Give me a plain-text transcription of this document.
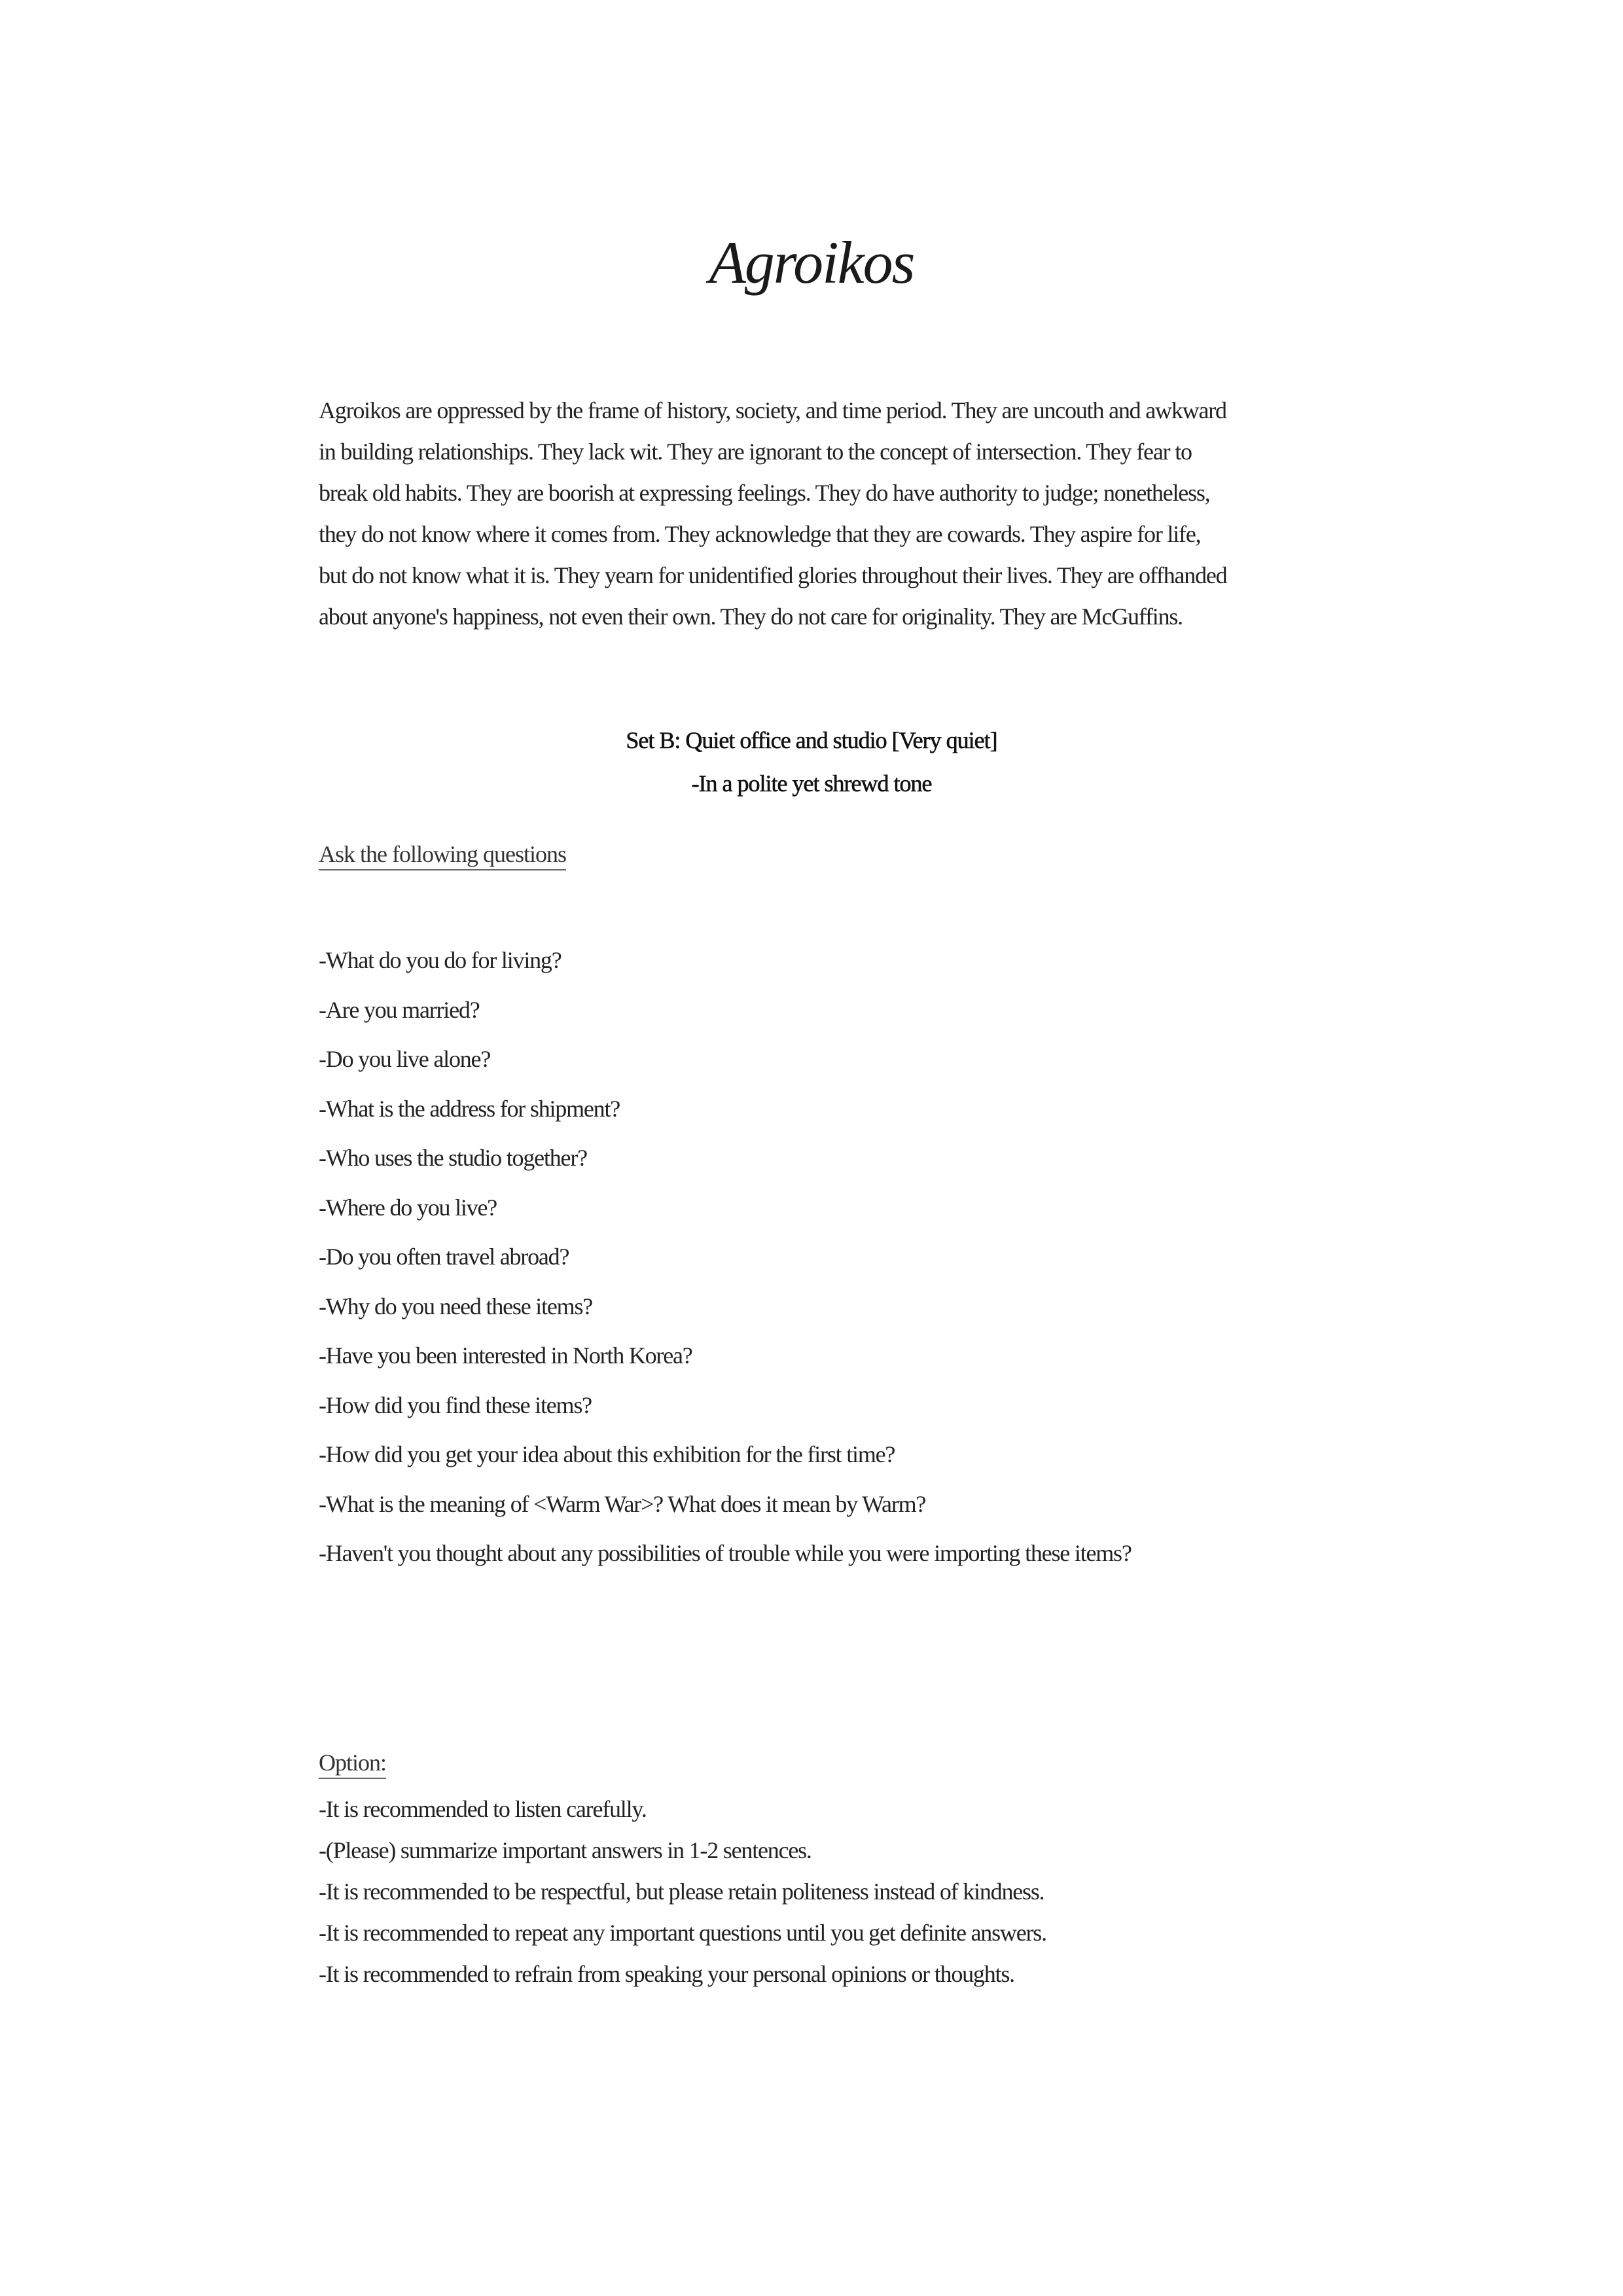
Agroikos

Agroikos are oppressed by the frame of history, society, and time period. They are uncouth and awkward
in building relationships. They lack wit. They are ignorant to the concept of intersection. They fear to
break old habits. They are boorish at expressing feelings. They do have authority to judge; nonetheless,
they do not know where it comes from. They acknowledge that they are cowards. They aspire for life,
but do not know what it is. They yearn for unidentified glories throughout their lives. They are offhanded
about anyone's happiness, not even their own. They do not care for originality. They are McGuffins.

Set B: Quiet office and studio [Very quiet]
-In a polite yet shrewd tone
Ask the following questions
-What do you do for living?
-Are you married?
-Do you live alone?
-What is the address for shipment?
-Who uses the studio together?
-Where do you live?
-Do you often travel abroad?
-Why do you need these items?
-Have you been interested in North Korea?
-How did you find these items?
-How did you get your idea about this exhibition for the first time?
-What is the meaning of <Warm War>? What does it mean by Warm?
-Haven't you thought about any possibilities of trouble while you were importing these items?
Option:
-It is recommended to listen carefully.
-(Please) summarize important answers in 1-2 sentences.
-It is recommended to be respectful, but please retain politeness instead of kindness.
-It is recommended to repeat any important questions until you get definite answers.
-It is recommended to refrain from speaking your personal opinions or thoughts.
